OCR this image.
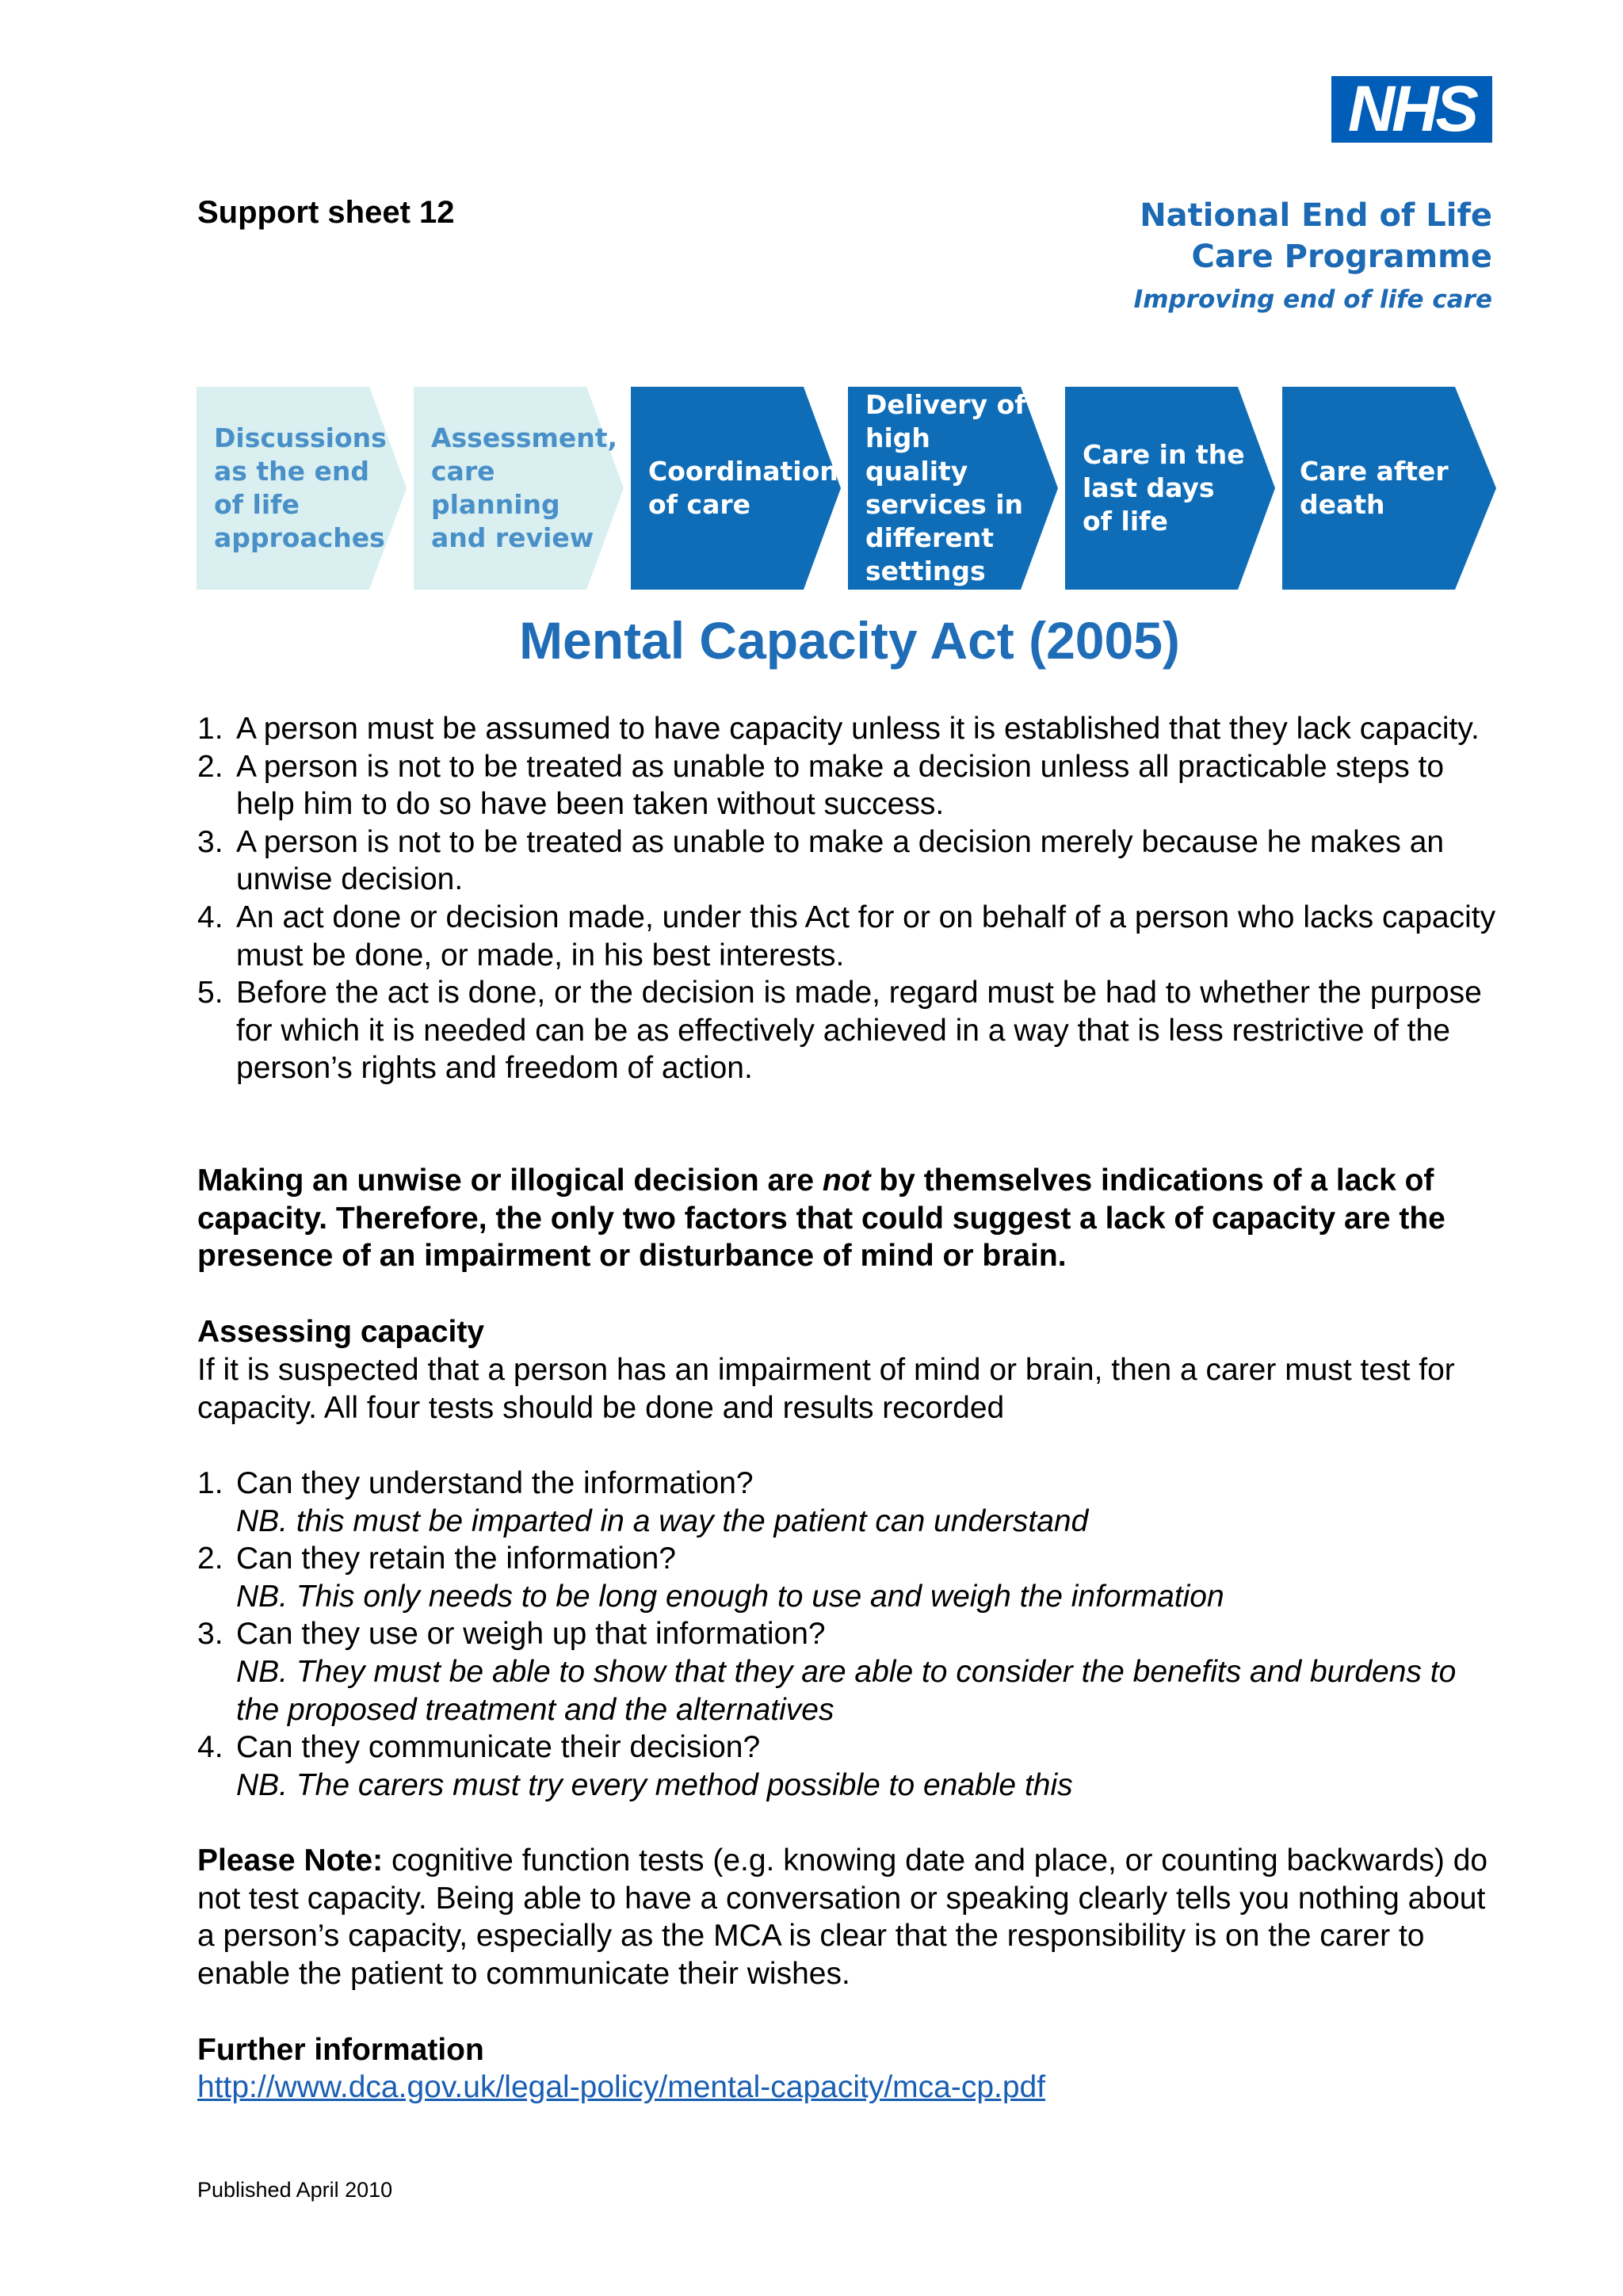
NHS
Support sheet 12	National End of Life
Care Programme
Improving end of life care
Discussions as the end of life approaches
Assessment, care planning and review
Coordination of care
Delivery of high quality services in different settings
Care in the last days of life
Care after death
Mental Capacity Act (2005)
1. A person must be assumed to have capacity unless it is established that they lack capacity.
2. A person is not to be treated as unable to make a decision unless all practicable steps to help him to do so have been taken without success.
3. A person is not to be treated as unable to make a decision merely because he makes an unwise decision.
4. An act done or decision made, under this Act for or on behalf of a person who lacks capacity must be done, or made, in his best interests.
5. Before the act is done, or the decision is made, regard must be had to whether the purpose for which it is needed can be as effectively achieved in a way that is less restrictive of the person’s rights and freedom of action.
Making an unwise or illogical decision are not by themselves indications of a lack of capacity. Therefore, the only two factors that could suggest a lack of capacity are the presence of an impairment or disturbance of mind or brain.
Assessing capacity
If it is suspected that a person has an impairment of mind or brain, then a carer must test for capacity. All four tests should be done and results recorded
1. Can they understand the information?
NB. this must be imparted in a way the patient can understand
2. Can they retain the information?
NB. This only needs to be long enough to use and weigh the information
3. Can they use or weigh up that information?
NB. They must be able to show that they are able to consider the benefits and burdens to the proposed treatment and the alternatives
4. Can they communicate their decision?
NB. The carers must try every method possible to enable this
Please Note: cognitive function tests (e.g. knowing date and place, or counting backwards) do not test capacity. Being able to have a conversation or speaking clearly tells you nothing about a person’s capacity, especially as the MCA is clear that the responsibility is on the carer to enable the patient to communicate their wishes.
Further information
http://www.dca.gov.uk/legal-policy/mental-capacity/mca-cp.pdf
Published April 2010
